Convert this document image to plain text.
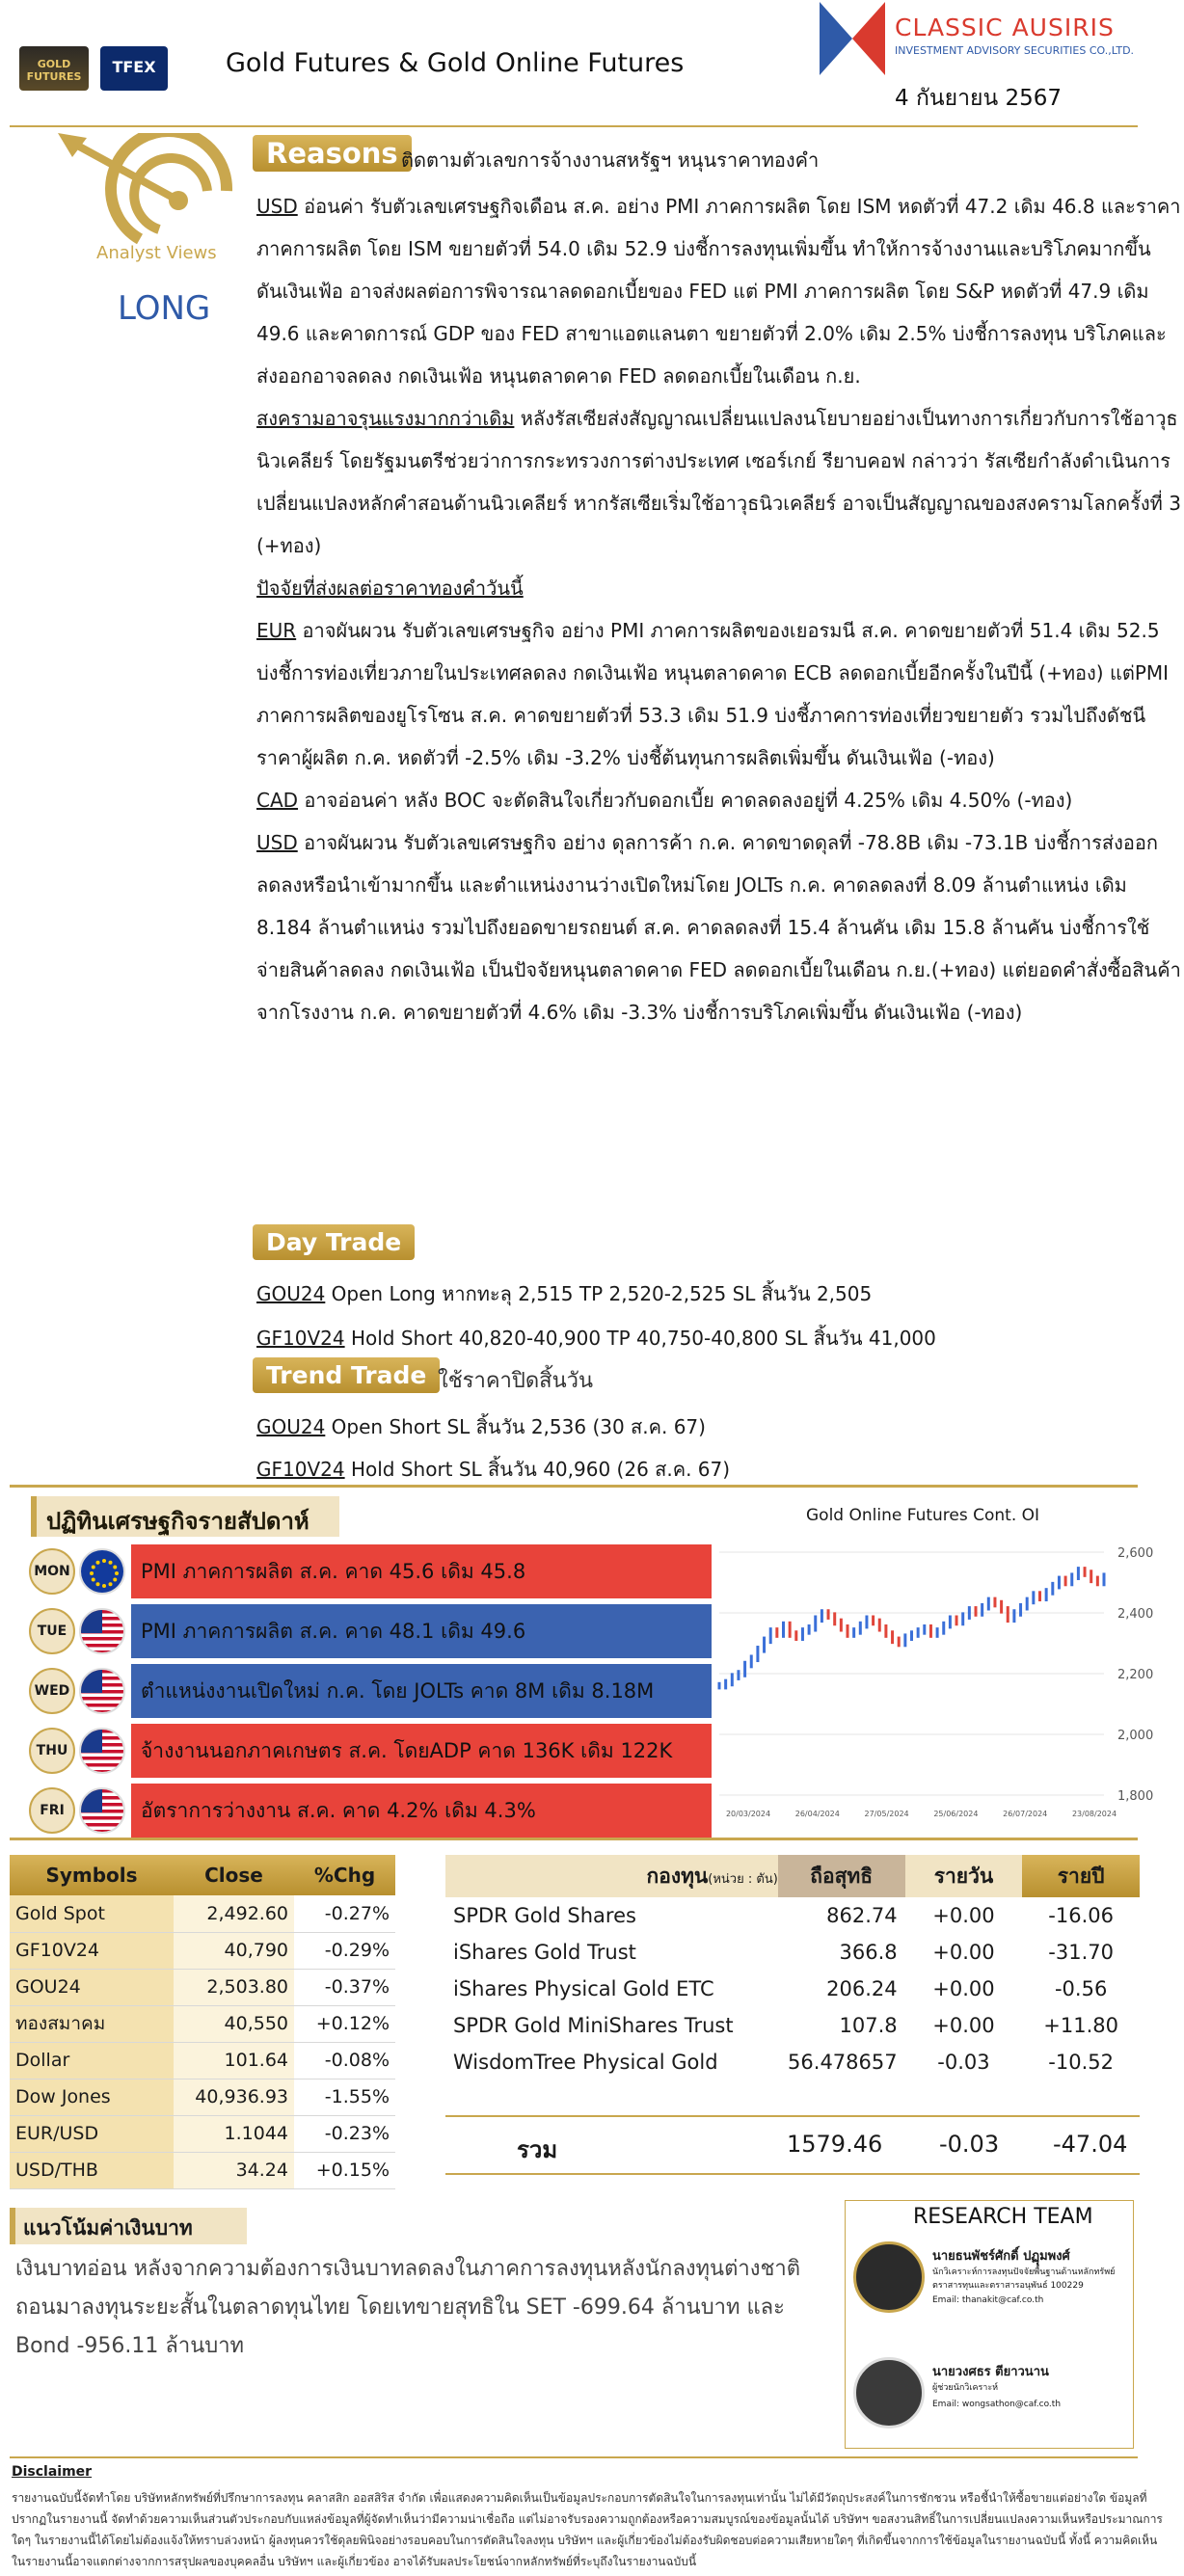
GOLD FUTURES
TFEX	Gold Futures & Gold Online Futures
CLASSIC AUSIRIS
INVESTMENT ADVISORY SECURITIES CO.,LTD.
4 กันยายน 2567
Analyst Views
LONG
Reasons ติดตามตัวเลขการจ้างงานสหรัฐฯ หนุนราคาทองคำ

USD อ่อนค่า รับตัวเลขเศรษฐกิจเดือน ส.ค. อย่าง PMI ภาคการผลิต โดย ISM หดตัวที่ 47.2 เดิม 46.8 และราคาภาคการผลิต โดย ISM ขยายตัวที่ 54.0 เดิม 52.9 บ่งชี้การลงทุนเพิ่มขึ้น ทำให้การจ้างงานและบริโภคมากขึ้น ดันเงินเฟ้อ อาจส่งผลต่อการพิจารณาลดดอกเบี้ยของ FED แต่ PMI ภาคการผลิต โดย S&P หดตัวที่ 47.9 เดิม 49.6 และคาดการณ์ GDP ของ FED สาขาแอตแลนตา ขยายตัวที่ 2.0% เดิม 2.5% บ่งชี้การลงทุน บริโภคและส่งออกอาจลดลง กดเงินเฟ้อ หนุนตลาดคาด FED ลดดอกเบี้ยในเดือน ก.ย.

สงครามอาจรุนแรงมากกว่าเดิม หลังรัสเซียส่งสัญญาณเปลี่ยนแปลงนโยบายอย่างเป็นทางการเกี่ยวกับการใช้อาวุธนิวเคลียร์ โดยรัฐมนตรีช่วยว่าการกระทรวงการต่างประเทศ เซอร์เกย์ รียาบคอฟ กล่าวว่า รัสเซียกำลังดำเนินการเปลี่ยนแปลงหลักคำสอนด้านนิวเคลียร์ หากรัสเซียเริ่มใช้อาวุธนิวเคลียร์ อาจเป็นสัญญาณของสงครามโลกครั้งที่ 3 (+ทอง)

ปัจจัยที่ส่งผลต่อราคาทองคำวันนี้

EUR อาจผันผวน รับตัวเลขเศรษฐกิจ อย่าง PMI ภาคการผลิตของเยอรมนี ส.ค. คาดขยายตัวที่ 51.4 เดิม 52.5 บ่งชี้การท่องเที่ยวภายในประเทศลดลง กดเงินเฟ้อ หนุนตลาดคาด ECB ลดดอกเบี้ยอีกครั้งในปีนี้ (+ทอง) แต่PMI ภาคการผลิตของยูโรโซน ส.ค. คาดขยายตัวที่ 53.3 เดิม 51.9 บ่งชี้ภาคการท่องเที่ยวขยายตัว รวมไปถึงดัชนีราคาผู้ผลิต ก.ค. หดตัวที่ -2.5% เดิม -3.2% บ่งชี้ต้นทุนการผลิตเพิ่มขึ้น ดันเงินเฟ้อ (-ทอง)

CAD อาจอ่อนค่า หลัง BOC จะตัดสินใจเกี่ยวกับดอกเบี้ย คาดลดลงอยู่ที่ 4.25% เดิม 4.50% (-ทอง)

USD อาจผันผวน รับตัวเลขเศรษฐกิจ อย่าง ดุลการค้า ก.ค. คาดขาดดุลที่ -78.8B เดิม -73.1B บ่งชี้การส่งออกลดลงหรือนำเข้ามากขึ้น และตำแหน่งงานว่างเปิดใหม่โดย JOLTs ก.ค. คาดลดลงที่ 8.09 ล้านตำแหน่ง เดิม 8.184 ล้านตำแหน่ง รวมไปถึงยอดขายรถยนต์ ส.ค. คาดลดลงที่ 15.4 ล้านคัน เดิม 15.8 ล้านคัน บ่งชี้การใช้จ่ายสินค้าลดลง กดเงินเฟ้อ เป็นปัจจัยหนุนตลาดคาด FED ลดดอกเบี้ยในเดือน ก.ย.(+ทอง) แต่ยอดคำสั่งซื้อสินค้าจากโรงงาน ก.ค. คาดขยายตัวที่ 4.6% เดิม -3.3% บ่งชี้การบริโภคเพิ่มขึ้น ดันเงินเฟ้อ (-ทอง)

Day Trade
GOU24 Open Long หากทะลุ 2,515 TP 2,520-2,525 SL สิ้นวัน 2,505
GF10V24 Hold Short 40,820-40,900 TP 40,750-40,800 SL สิ้นวัน 41,000
Trend Trade ใช้ราคาปิดสิ้นวัน
GOU24 Open Short SL สิ้นวัน 2,536 (30 ส.ค. 67)
GF10V24 Hold Short SL สิ้นวัน 40,960 (26 ส.ค. 67)
ปฏิทินเศรษฐกิจรายสัปดาห์
MON	PMI ภาคการผลิต ส.ค. คาด 45.6 เดิม 45.8
TUE	PMI ภาคการผลิต ส.ค. คาด 48.1 เดิม 49.6
WED	ตำแหน่งงานเปิดใหม่ ก.ค. โดย JOLTs คาด 8M เดิม 8.18M
THU	จ้างงานนอกภาคเกษตร ส.ค. โดยADP คาด 136K เดิม 122K
FRI	อัตราการว่างงาน ส.ค. คาด 4.2% เดิม 4.3%
Gold Online Futures Cont. OI
2,600
2,400
2,200
2,000
1,800
20/03/2024	26/04/2024	27/05/2024	25/06/2024	26/07/2024	23/08/2024
Symbols	Close	%Chg
Gold Spot	2,492.60	-0.27%
GF10V24	40,790	-0.29%
GOU24	2,503.80	-0.37%
ทองสมาคม	40,550	+0.12%
Dollar	101.64	-0.08%
Dow Jones	40,936.93	-1.55%
EUR/USD	1.1044	-0.23%
USD/THB	34.24	+0.15%
กองทุน(หน่วย : ตัน)	ถือสุทธิ	รายวัน	รายปี
SPDR Gold Shares	862.74	+0.00	-16.06
iShares Gold Trust	366.8	+0.00	-31.70
iShares Physical Gold ETC	206.24	+0.00	-0.56
SPDR Gold MiniShares Trust	107.8	+0.00	+11.80
WisdomTree Physical Gold	56.478657	-0.03	-10.52
รวม	1579.46 -0.03 -47.04
แนวโน้มค่าเงินบาท
เงินบาทอ่อน หลังจากความต้องการเงินบาทลดลงในภาคการลงทุนหลังนักลงทุนต่างชาติถอนมาลงทุนระยะสั้นในตลาดทุนไทย โดยเทขายสุทธิใน SET -699.64 ล้านบาท และ Bond -956.11 ล้านบาท
RESEARCH TEAM
นายธนพัชร์ศักดิ์ ปฏุมพงศ์
นักวิเคราะห์การลงทุนปัจจัยพื้นฐานด้านหลักทรัพย์
ตราสารทุนและตราสารอนุพันธ์ 100229
Email: thanakit@caf.co.th
นายวงศธร ตียาวนาน
ผู้ช่วยนักวิเคราะห์
Email: wongsathon@caf.co.th
Disclaimer
รายงานฉบับนี้จัดทำโดย บริษัทหลักทรัพย์ที่ปรึกษาการลงทุน คลาสสิก ออสสิริส จำกัด เพื่อแสดงความคิดเห็นเป็นข้อมูลประกอบการตัดสินใจในการลงทุนเท่านั้น ไม่ได้มีวัตถุประสงค์ในการชักชวน หรือชี้นำให้ซื้อขายแต่อย่างใด ข้อมูลที่ปรากฏในรายงานนี้ จัดทำด้วยความเห็นส่วนตัวประกอบกับแหล่งข้อมูลที่ผู้จัดทำเห็นว่ามีความน่าเชื่อถือ แต่ไม่อาจรับรองความถูกต้องหรือความสมบูรณ์ของข้อมูลนั้นได้ บริษัทฯ ขอสงวนสิทธิ์ในการเปลี่ยนแปลงความเห็นหรือประมาณการใดๆ ในรายงานนี้ได้โดยไม่ต้องแจ้งให้ทราบล่วงหน้า ผู้ลงทุนควรใช้ดุลยพินิจอย่างรอบคอบในการตัดสินใจลงทุน บริษัทฯ และผู้เกี่ยวข้องไม่ต้องรับผิดชอบต่อความเสียหายใดๆ ที่เกิดขึ้นจากการใช้ข้อมูลในรายงานฉบับนี้ ทั้งนี้ ความคิดเห็นในรายงานนี้อาจแตกต่างจากการสรุปผลของบุคคลอื่น บริษัทฯ และผู้เกี่ยวข้อง อาจได้รับผลประโยชน์จากหลักทรัพย์ที่ระบุถึงในรายงานฉบับนี้
